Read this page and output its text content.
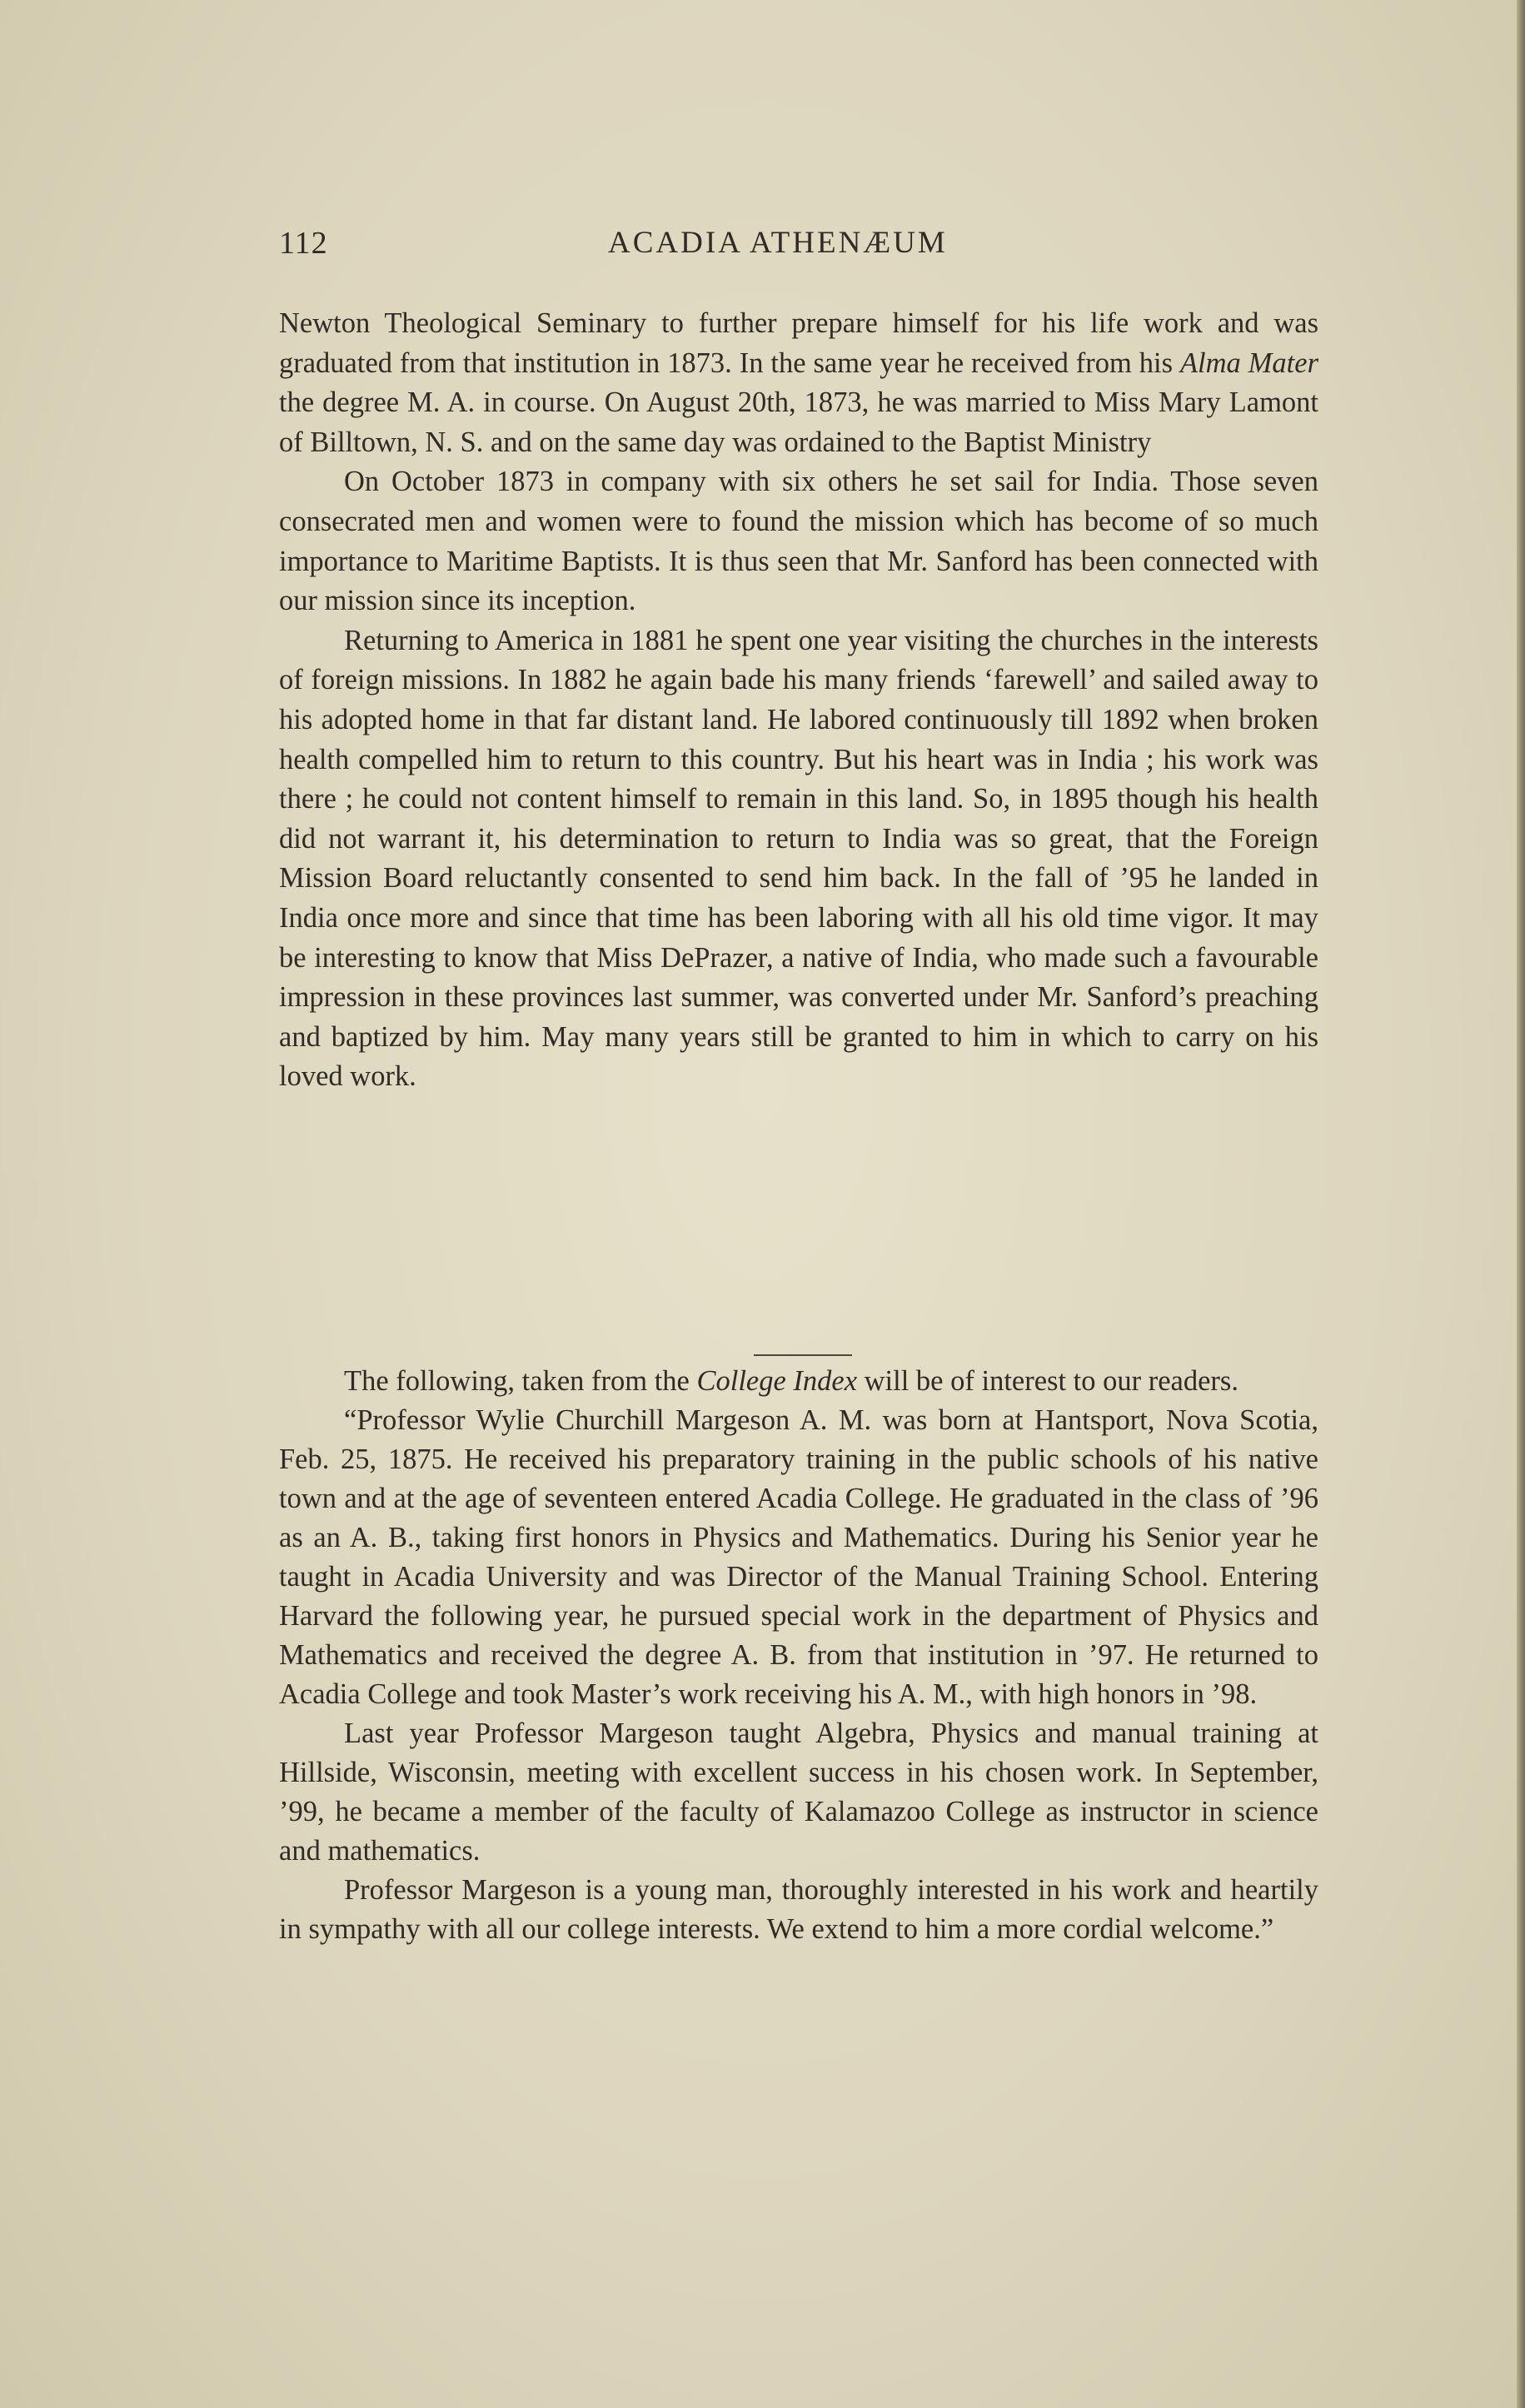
112	ACADIA ATHENÆUM

Newton Theological Seminary to further prepare himself for his life work and was graduated from that institution in 1873. In the same year he received from his Alma Mater the degree M. A. in course. On August 20th, 1873, he was married to Miss Mary Lamont of Billtown, N. S. and on the same day was ordained to the Baptist Ministry

On October 1873 in company with six others he set sail for India. Those seven consecrated men and women were to found the mission which has become of so much importance to Maritime Baptists. It is thus seen that Mr. Sanford has been connected with our mission since its inception.

Returning to America in 1881 he spent one year visiting the churches in the interests of foreign missions. In 1882 he again bade his many friends ‘farewell’ and sailed away to his adopted home in that far distant land. He labored continuously till 1892 when broken health compelled him to return to this country. But his heart was in India ; his work was there ; he could not content himself to remain in this land. So, in 1895 though his health did not warrant it, his determination to return to India was so great, that the Foreign Mission Board reluctantly consented to send him back. In the fall of ’95 he landed in India once more and since that time has been laboring with all his old time vigor. It may be interesting to know that Miss DePrazer, a native of India, who made such a favourable impression in these provinces last summer, was converted under Mr. Sanford’s preaching and baptized by him. May many years still be granted to him in which to carry on his loved work.

The following, taken from the College Index will be of interest to our readers.

“Professor Wylie Churchill Margeson A. M. was born at Hantsport, Nova Scotia, Feb. 25, 1875. He received his preparatory training in the public schools of his native town and at the age of seventeen entered Acadia College. He graduated in the class of ’96 as an A. B., taking first honors in Physics and Mathematics. During his Senior year he taught in Acadia University and was Director of the Manual Training School. Entering Harvard the following year, he pursued special work in the department of Physics and Mathematics and received the degree A. B. from that institution in ’97. He returned to Acadia College and took Master’s work receiving his A. M., with high honors in ’98.

Last year Professor Margeson taught Algebra, Physics and manual training at Hillside, Wisconsin, meeting with excellent success in his chosen work. In September, ’99, he became a member of the faculty of Kalamazoo College as instructor in science and mathematics.

Professor Margeson is a young man, thoroughly interested in his work and heartily in sympathy with all our college interests. We extend to him a more cordial welcome.”
